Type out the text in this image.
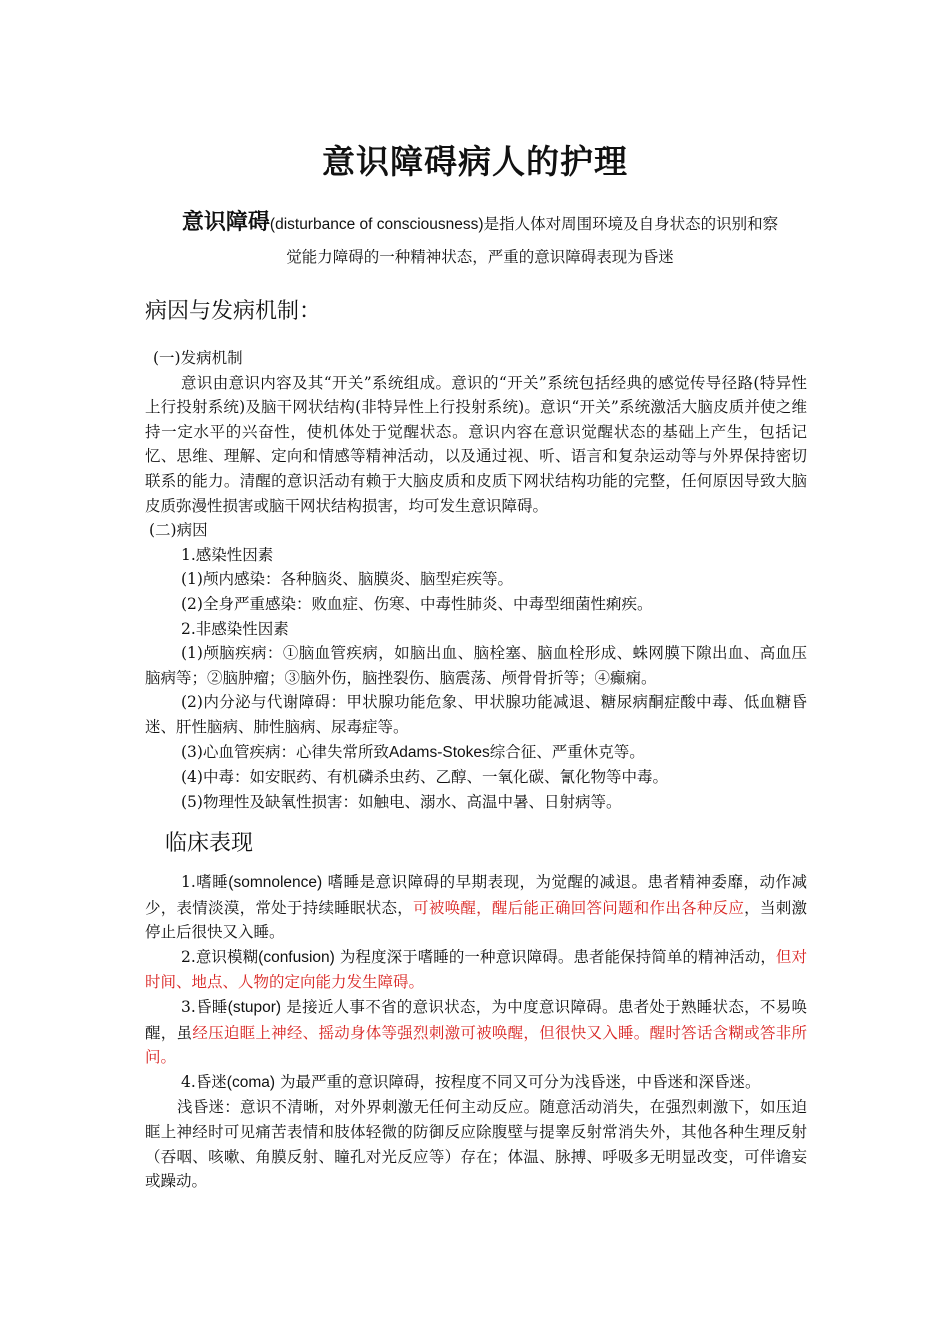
意识障碍病人的护理
意识障碍(disturbance of consciousness)是指人体对周围环境及自身状态的识别和察
觉能力障碍的一种精神状态，严重的意识障碍表现为昏迷
病因与发病机制：

(一)发病机制

意识由意识内容及其“开关”系统组成。意识的“开关”系统包括经典的感觉传导径路(特异性上行投射系统)及脑干网状结构(非特异性上行投射系统)。意识“开关”系统激活大脑皮质并使之维持一定水平的兴奋性，使机体处于觉醒状态。意识内容在意识觉醒状态的基础上产生，包括记忆、思维、理解、定向和情感等精神活动，以及通过视、听、语言和复杂运动等与外界保持密切联系的能力。清醒的意识活动有赖于大脑皮质和皮质下网状结构功能的完整，任何原因导致大脑皮质弥漫性损害或脑干网状结构损害，均可发生意识障碍。

(二)病因

1.感染性因素

(1)颅内感染：各种脑炎、脑膜炎、脑型疟疾等。

(2)全身严重感染：败血症、伤寒、中毒性肺炎、中毒型细菌性痢疾。

2.非感染性因素

(1)颅脑疾病：①脑血管疾病，如脑出血、脑栓塞、脑血栓形成、蛛网膜下隙出血、高血压脑病等；②脑肿瘤；③脑外伤，脑挫裂伤、脑震荡、颅骨骨折等；④癫痫。

(2)内分泌与代谢障碍：甲状腺功能危象、甲状腺功能减退、糖尿病酮症酸中毒、低血糖昏迷、肝性脑病、肺性脑病、尿毒症等。

(3)心血管疾病：心律失常所致Adams-Stokes综合征、严重休克等。

(4)中毒：如安眠药、有机磷杀虫药、乙醇、一氧化碳、氰化物等中毒。

(5)物理性及缺氧性损害：如触电、溺水、高温中暑、日射病等。

临床表现

1.嗜睡(somnolence) 嗜睡是意识障碍的早期表现，为觉醒的减退。患者精神委靡，动作减少，表情淡漠，常处于持续睡眠状态，可被唤醒，醒后能正确回答问题和作出各种反应，当刺激停止后很快又入睡。

2.意识模糊(confusion) 为程度深于嗜睡的一种意识障碍。患者能保持简单的精神活动，但对时间、地点、人物的定向能力发生障碍。

3.昏睡(stupor) 是接近人事不省的意识状态，为中度意识障碍。患者处于熟睡状态，不易唤醒，虽经压迫眶上神经、摇动身体等强烈刺激可被唤醒，但很快又入睡。醒时答话含糊或答非所问。

4.昏迷(coma) 为最严重的意识障碍，按程度不同又可分为浅昏迷，中昏迷和深昏迷。

浅昏迷：意识不清晰，对外界刺激无任何主动反应。随意活动消失，在强烈刺激下，如压迫眶上神经时可见痛苦表情和肢体轻微的防御反应除腹壁与提睾反射常消失外，其他各种生理反射（吞咽、咳嗽、角膜反射、瞳孔对光反应等）存在；体温、脉搏、呼吸多无明显改变，可伴谵妄或躁动。
